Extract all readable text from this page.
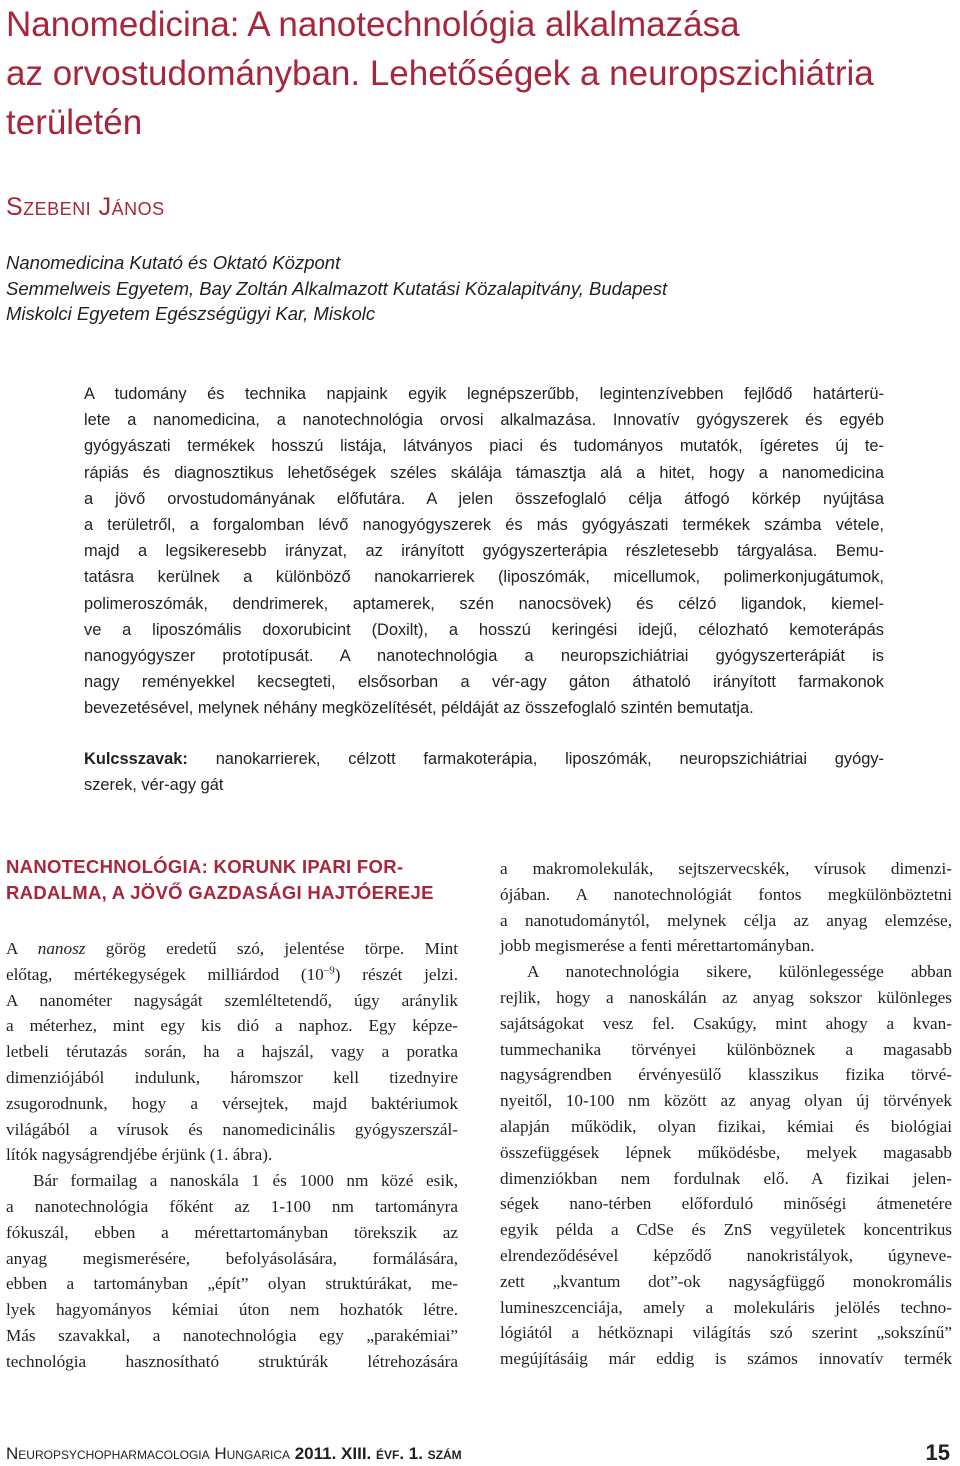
Nanomedicina: A nanotechnológia alkalmazása
az orvostudományban. Lehetőségek a neuropszichiátria
területén
Szebeni János
Nanomedicina Kutató és Oktató Központ
Semmelweis Egyetem, Bay Zoltán Alkalmazott Kutatási Közalapitvány, Budapest
Miskolci Egyetem Egészségügyi Kar, Miskolc
A tudomány és technika napjaink egyik legnépszerűbb, legintenzívebben fejlődő határterü-
lete a nanomedicina, a nanotechnológia orvosi alkalmazása. Innovatív gyógyszerek és egyéb
gyógyászati termékek hosszú listája, látványos piaci és tudományos mutatók, ígéretes új te-
rápiás és diagnosztikus lehetőségek széles skálája támasztja alá a hitet, hogy a nanomedicina
a jövő orvostudományának előfutára. A jelen összefoglaló célja átfogó körkép nyújtása
a területről, a forgalomban lévő nanogyógyszerek és más gyógyászati termékek számba vétele,
majd a legsikeresebb irányzat, az irányított gyógyszerterápia részletesebb tárgyalása. Bemu-
tatásra kerülnek a különböző nanokarrierek (liposzómák, micellumok, polimerkonjugátumok,
polimeroszómák, dendrimerek, aptamerek, szén nanocsövek) és célzó ligandok, kiemel-
ve a liposzómális doxorubicint (Doxilt), a hosszú keringési idejű, célozható kemoterápás
nanogyógyszer prototípusát. A nanotechnológia a neuropszichiátriai gyógyszerterápiát is
nagy reményekkel kecsegteti, elsősorban a vér-agy gáton áthatoló irányított farmakonok
bevezetésével, melynek néhány megközelítését, példáját az összefoglaló szintén bemutatja.
Kulcsszavak: nanokarrierek, célzott farmakoterápia, liposzómák, neuropszichiátriai gyógy-
szerek, vér-agy gát
NANOTECHNOLÓGIA: KORUNK IPARI FOR-
RADALMA, A JÖVŐ GAZDASÁGI HAJTÓEREJE
A nanosz görög eredetű szó, jelentése törpe. Mint
előtag, mértékegységek milliárdod $(10^{-9})$ részét jelzi.
A nanométer nagyságát szemléltetendő, úgy aránylik
a méterhez, mint egy kis dió a naphoz. Egy képze-
letbeli térutazás során, ha a hajszál, vagy a poratka
dimenziójából indulunk, háromszor kell tizednyire
zsugorodnunk, hogy a vérsejtek, majd baktériumok
világából a vírusok és nanomedicinális gyógyszerszál-
lítók nagyságrendjébe érjünk (1. ábra).
Bár formailag a nanoskála 1 és 1000 nm közé esik,
a nanotechnológia főként az 1-100 nm tartományra
fókuszál, ebben a mérettartományban törekszik az
anyag megismerésére, befolyásolására, formálására,
ebben a tartományban „épít” olyan struktúrákat, me-
lyek hagyományos kémiai úton nem hozhatók létre.
Más szavakkal, a nanotechnológia egy „parakémiai”
technológia hasznosítható struktúrák létrehozására
a makromolekulák, sejtszervecskék, vírusok dimenzi-
ójában. A nanotechnológiát fontos megkülönböztetni
a nanotudománytól, melynek célja az anyag elemzése,
jobb megismerése a fenti mérettartományban.
A nanotechnológia sikere, különlegessége abban
rejlik, hogy a nanoskálán az anyag sokszor különleges
sajátságokat vesz fel. Csakúgy, mint ahogy a kvan-
tummechanika törvényei különböznek a magasabb
nagyságrendben érvényesülő klasszikus fizika törvé-
nyeitől, 10-100 nm között az anyag olyan új törvények
alapján működik, olyan fizikai, kémiai és biológiai
összefüggések lépnek működésbe, melyek magasabb
dimenziókban nem fordulnak elő. A fizikai jelen-
ségek nano-térben előforduló minőségi átmenetére
egyik példa a CdSe és ZnS vegyületek koncentrikus
elrendeződésével képződő nanokristályok, úgyneve-
zett „kvantum dot”-ok nagyságfüggő monokromális
lumineszcenciája, amely a molekuláris jelölés techno-
lógiától a hétköznapi világítás szó szerint „sokszínű”
megújításáig már eddig is számos innovatív termék
Neuropsychopharmacologia Hungarica 2011. XIII. évf. 1. szám	15
